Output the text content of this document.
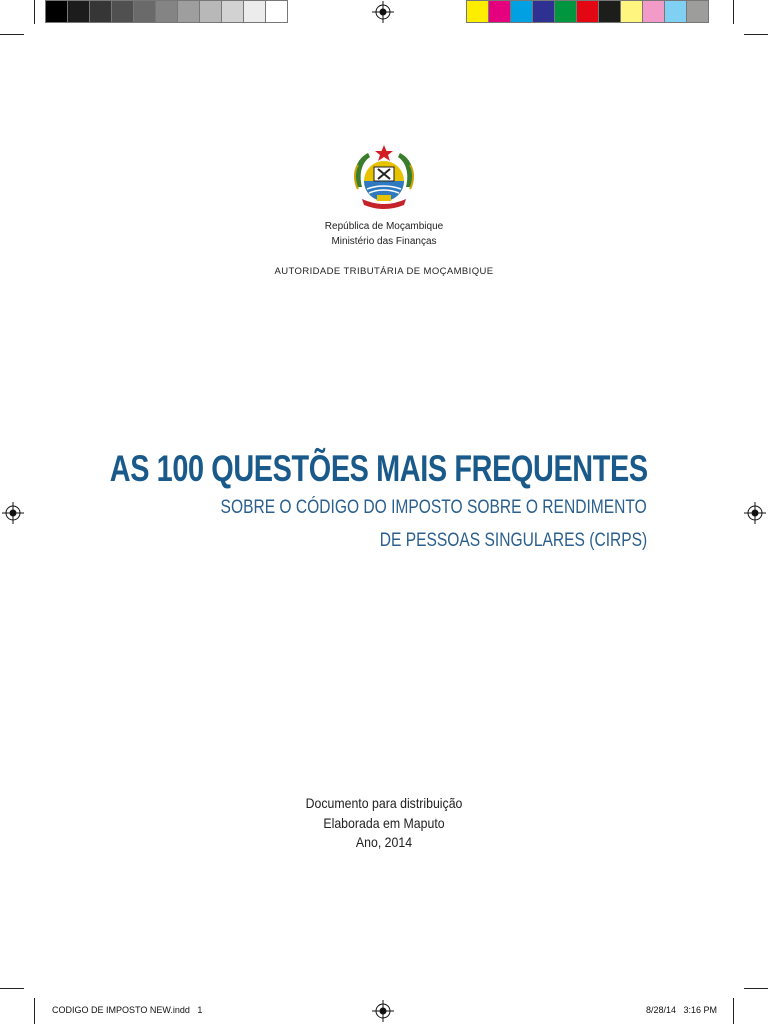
República de Moçambique
Ministério das Finanças
AUTORIDADE TRIBUTÁRIA DE MOÇAMBIQUE
AS 100 QUESTÕES MAIS FREQUENTES
SOBRE O CÓDIGO DO IMPOSTO SOBRE O RENDIMENTO
DE PESSOAS SINGULARES (CIRPS)
Documento para distribuição
Elaborada em Maputo
Ano, 2014
CODIGO DE IMPOSTO NEW.indd   1	8/28/14   3:16 PM
